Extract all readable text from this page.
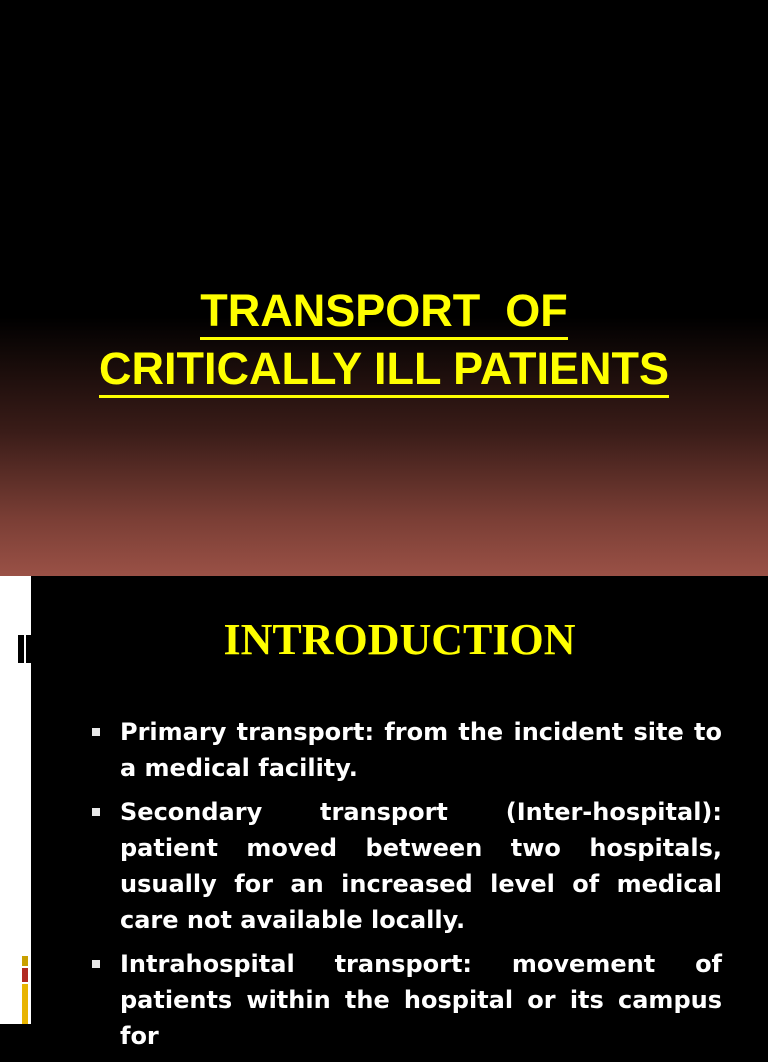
TRANSPORT  OF
CRITICALLY ILL PATIENTS
INTRODUCTION
Primary transport: from the incident site to a medical facility.
Secondary transport (Inter-hospital): patient moved between two hospitals, usually for an increased level of medical care not available locally.
Intrahospital transport: movement of patients within the hospital or its campus for
